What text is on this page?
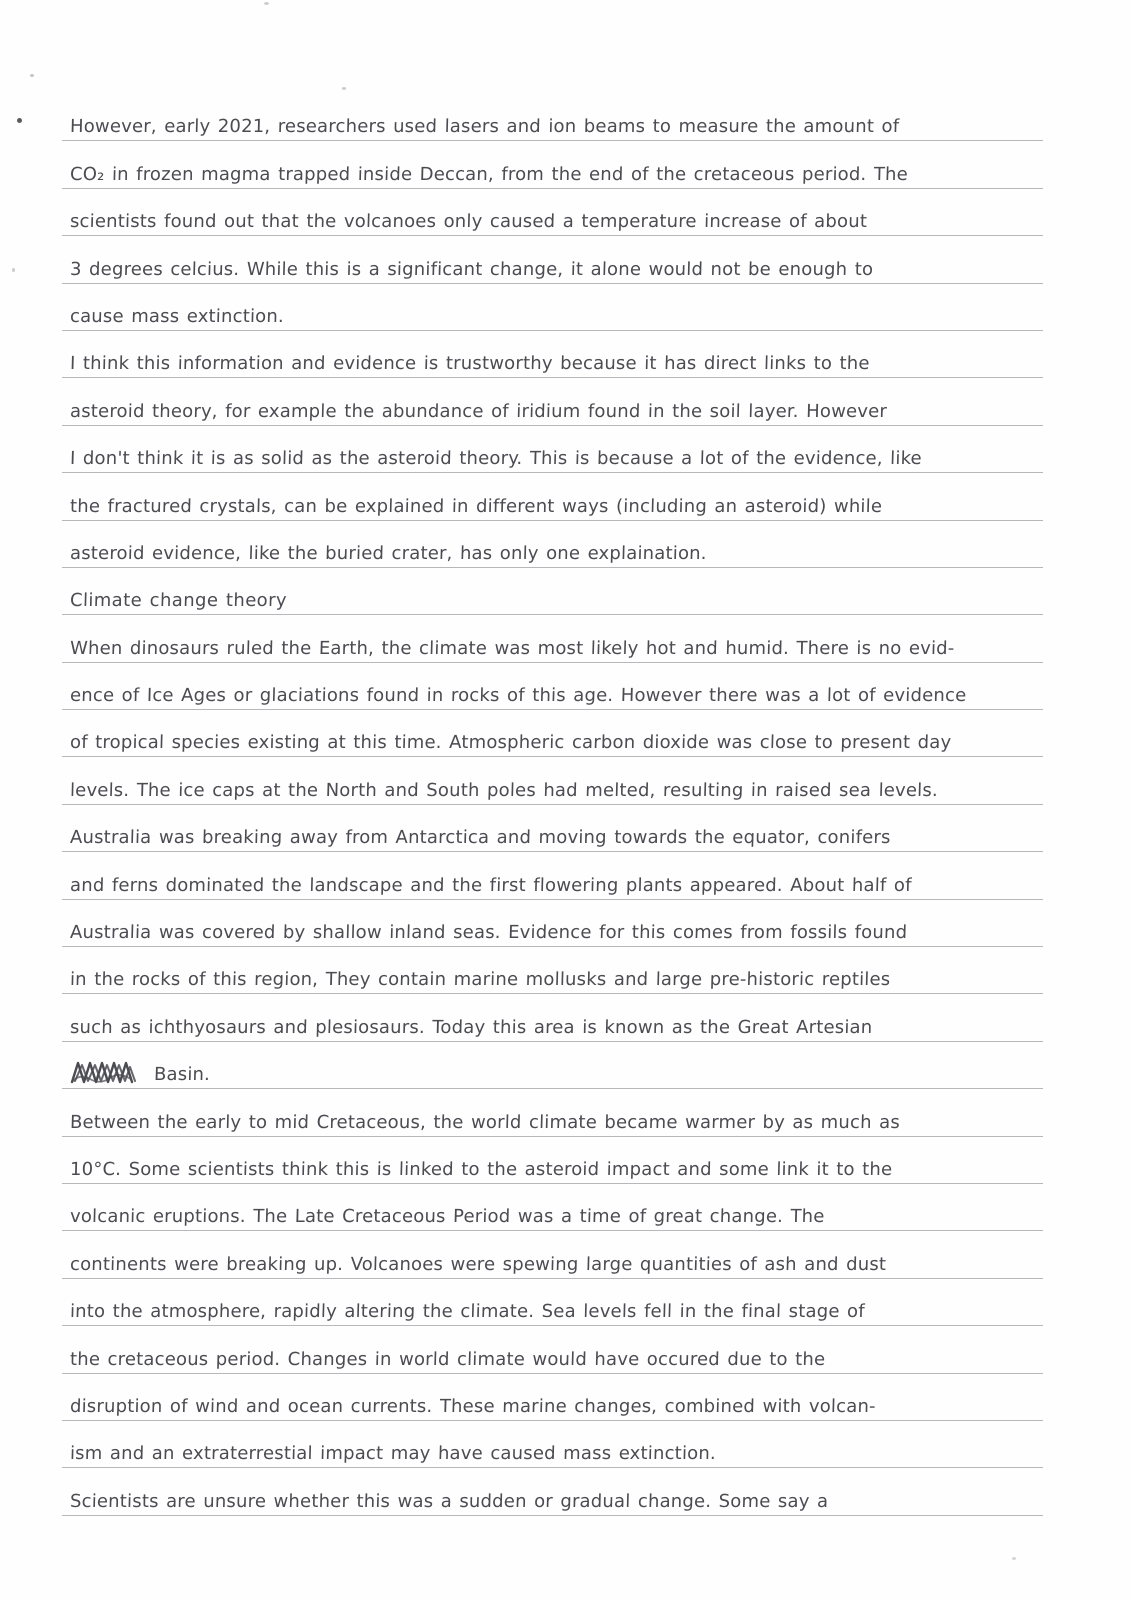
However, early 2021, researchers used lasers and ion beams to measure the amount of
CO₂ in frozen magma trapped inside Deccan, from the end of the cretaceous period. The
scientists found out that the volcanoes only caused a temperature increase of about
3 degrees celcius. While this is a significant change, it alone would not be enough to
cause mass extinction.
I think this information and evidence is trustworthy because it has direct links to the
asteroid theory, for example the abundance of iridium found in the soil layer. However
I don't think it is as solid as the asteroid theory. This is because a lot of the evidence, like
the fractured crystals, can be explained in different ways (including an asteroid) while
asteroid evidence, like the buried crater, has only one explaination.
Climate change theory
When dinosaurs ruled the Earth, the climate was most likely hot and humid. There is no evid-
ence of Ice Ages or glaciations found in rocks of this age. However there was a lot of evidence
of tropical species existing at this time. Atmospheric carbon dioxide was close to present day
levels. The ice caps at the North and South poles had melted, resulting in raised sea levels.
Australia was breaking away from Antarctica and moving towards the equator, conifers
and ferns dominated the landscape and the first flowering plants appeared. About half of
Australia was covered by shallow inland seas. Evidence for this comes from fossils found
in the rocks of this region, They contain marine mollusks and large pre-historic reptiles
such as ichthyosaurs and plesiosaurs. Today this area is known as the Great Artesian
Basin.
Between the early to mid Cretaceous, the world climate became warmer by as much as
10°C. Some scientists think this is linked to the asteroid impact and some link it to the
volcanic eruptions. The Late Cretaceous Period was a time of great change. The
continents were breaking up. Volcanoes were spewing large quantities of ash and dust
into the atmosphere, rapidly altering the climate. Sea levels fell in the final stage of
the cretaceous period. Changes in world climate would have occured due to the
disruption of wind and ocean currents. These marine changes, combined with volcan-
ism and an extraterrestial impact may have caused mass extinction.
Scientists are unsure whether this was a sudden or gradual change. Some say a
